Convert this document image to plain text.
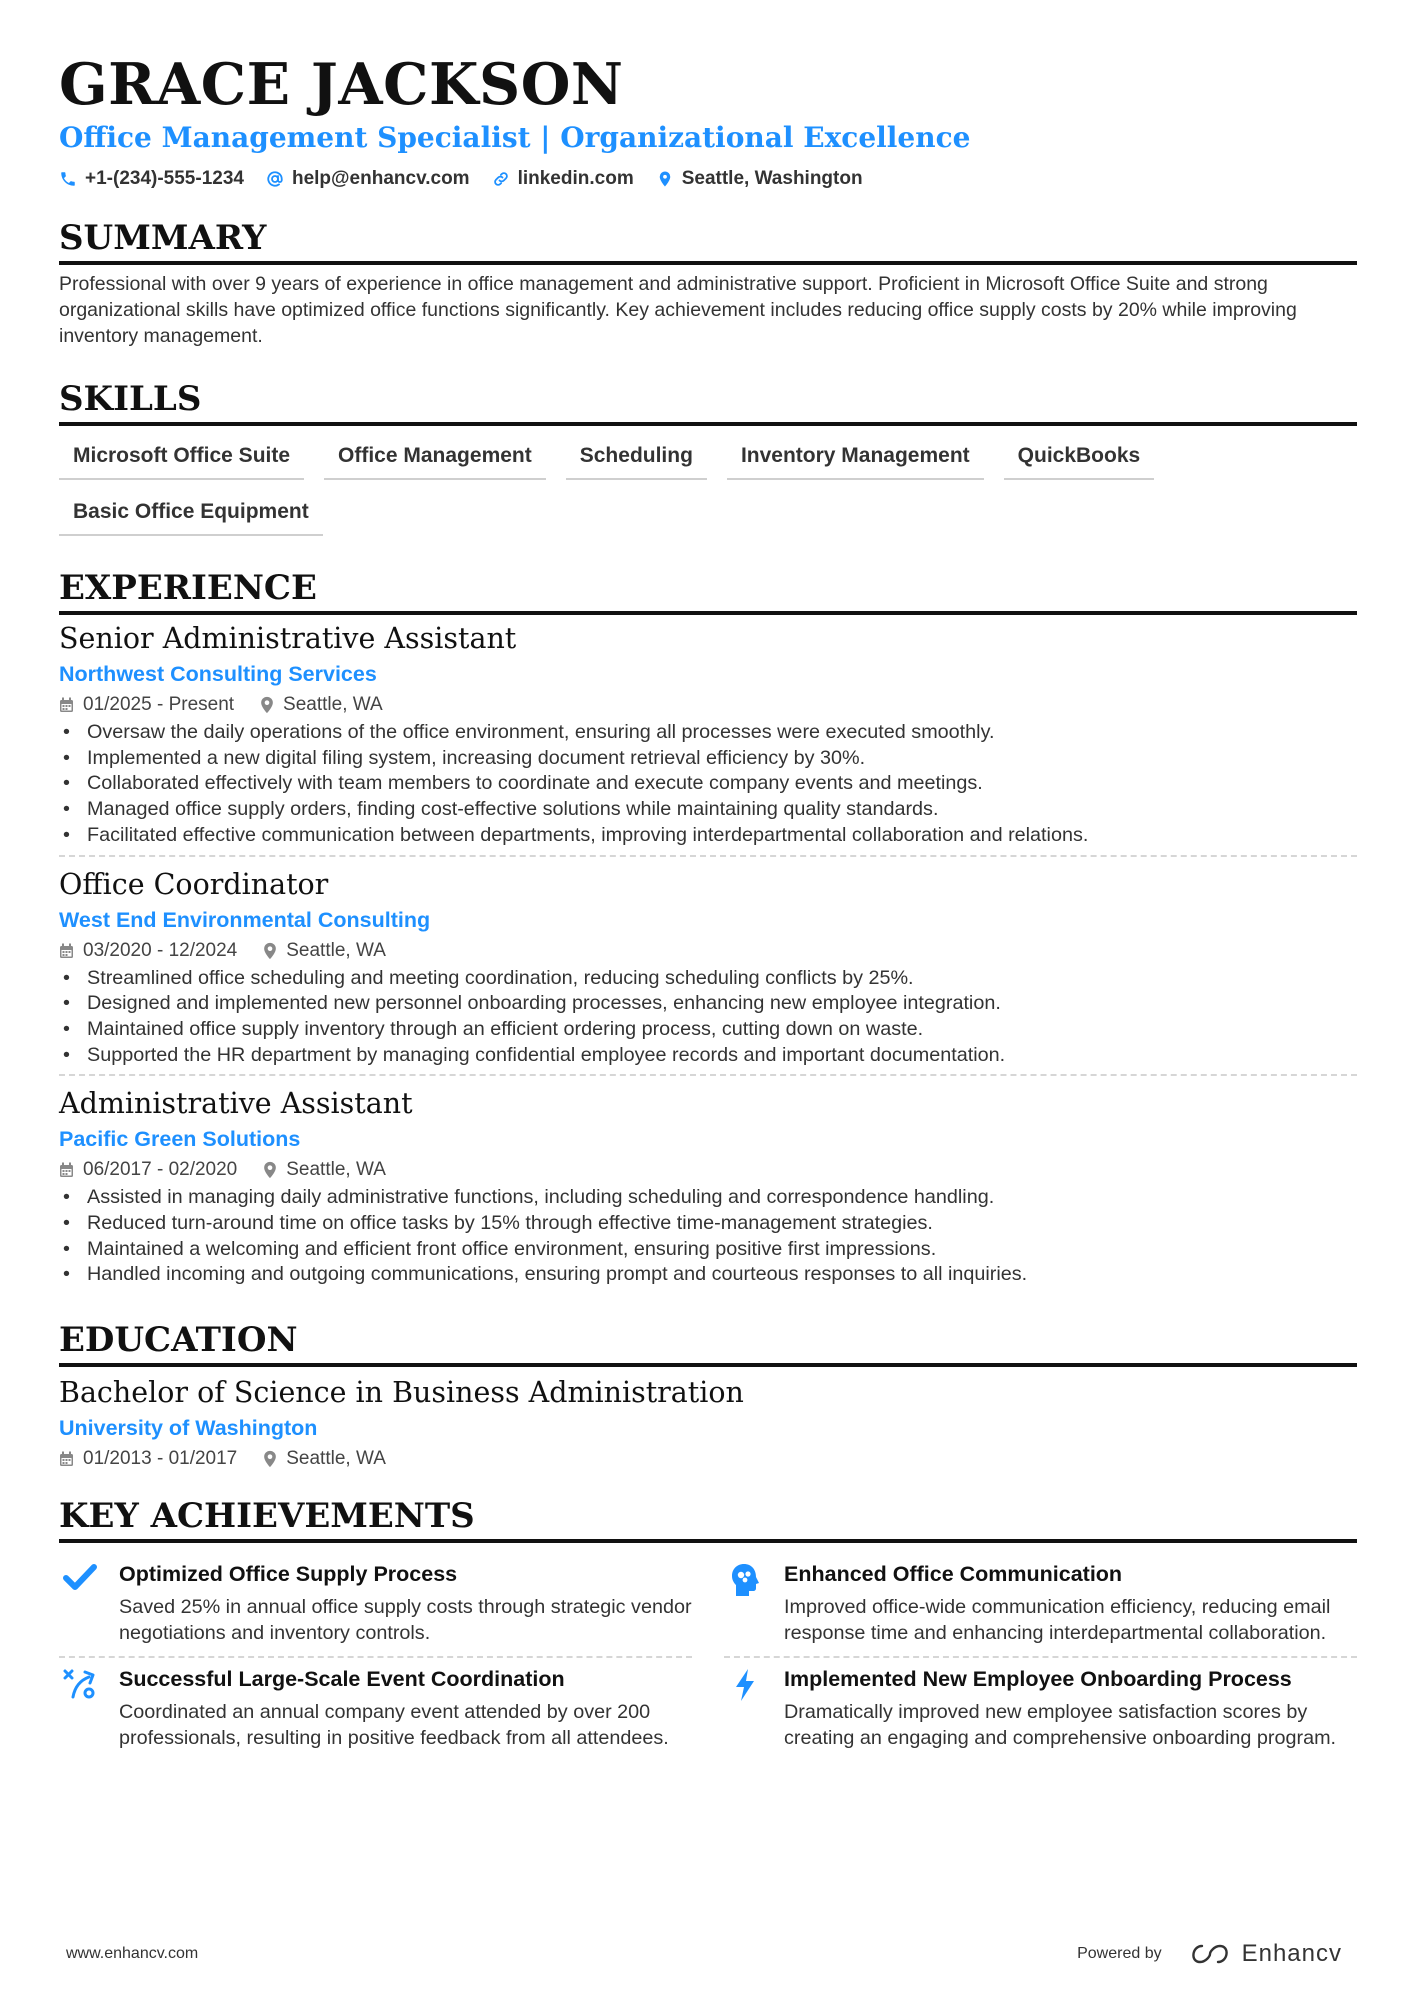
GRACE JACKSON
Office Management Specialist | Organizational Excellence
+1-(234)-555-1234	help@enhancv.com	linkedin.com	Seattle, Washington
SUMMARY
Professional with over 9 years of experience in office management and administrative support. Proficient in Microsoft Office Suite and strong organizational skills have optimized office functions significantly. Key achievement includes reducing office supply costs by 20% while improving inventory management.
SKILLS
Microsoft Office Suite	Office Management	Scheduling	Inventory Management	QuickBooks
Basic Office Equipment
EXPERIENCE
Senior Administrative Assistant
Northwest Consulting Services
01/2025 - Present	Seattle, WA
• Oversaw the daily operations of the office environment, ensuring all processes were executed smoothly.
• Implemented a new digital filing system, increasing document retrieval efficiency by 30%.
• Collaborated effectively with team members to coordinate and execute company events and meetings.
• Managed office supply orders, finding cost-effective solutions while maintaining quality standards.
• Facilitated effective communication between departments, improving interdepartmental collaboration and relations.
Office Coordinator
West End Environmental Consulting
03/2020 - 12/2024	Seattle, WA
• Streamlined office scheduling and meeting coordination, reducing scheduling conflicts by 25%.
• Designed and implemented new personnel onboarding processes, enhancing new employee integration.
• Maintained office supply inventory through an efficient ordering process, cutting down on waste.
• Supported the HR department by managing confidential employee records and important documentation.
Administrative Assistant
Pacific Green Solutions
06/2017 - 02/2020	Seattle, WA
• Assisted in managing daily administrative functions, including scheduling and correspondence handling.
• Reduced turn-around time on office tasks by 15% through effective time-management strategies.
• Maintained a welcoming and efficient front office environment, ensuring positive first impressions.
• Handled incoming and outgoing communications, ensuring prompt and courteous responses to all inquiries.
EDUCATION
Bachelor of Science in Business Administration
University of Washington
01/2013 - 01/2017	Seattle, WA
KEY ACHIEVEMENTS
Optimized Office Supply Process
Saved 25% in annual office supply costs through strategic vendor negotiations and inventory controls.
Enhanced Office Communication
Improved office-wide communication efficiency, reducing email response time and enhancing interdepartmental collaboration.
Successful Large-Scale Event Coordination
Coordinated an annual company event attended by over 200 professionals, resulting in positive feedback from all attendees.
Implemented New Employee Onboarding Process
Dramatically improved new employee satisfaction scores by creating an engaging and comprehensive onboarding program.
www.enhancv.com	Powered by	Enhancv
